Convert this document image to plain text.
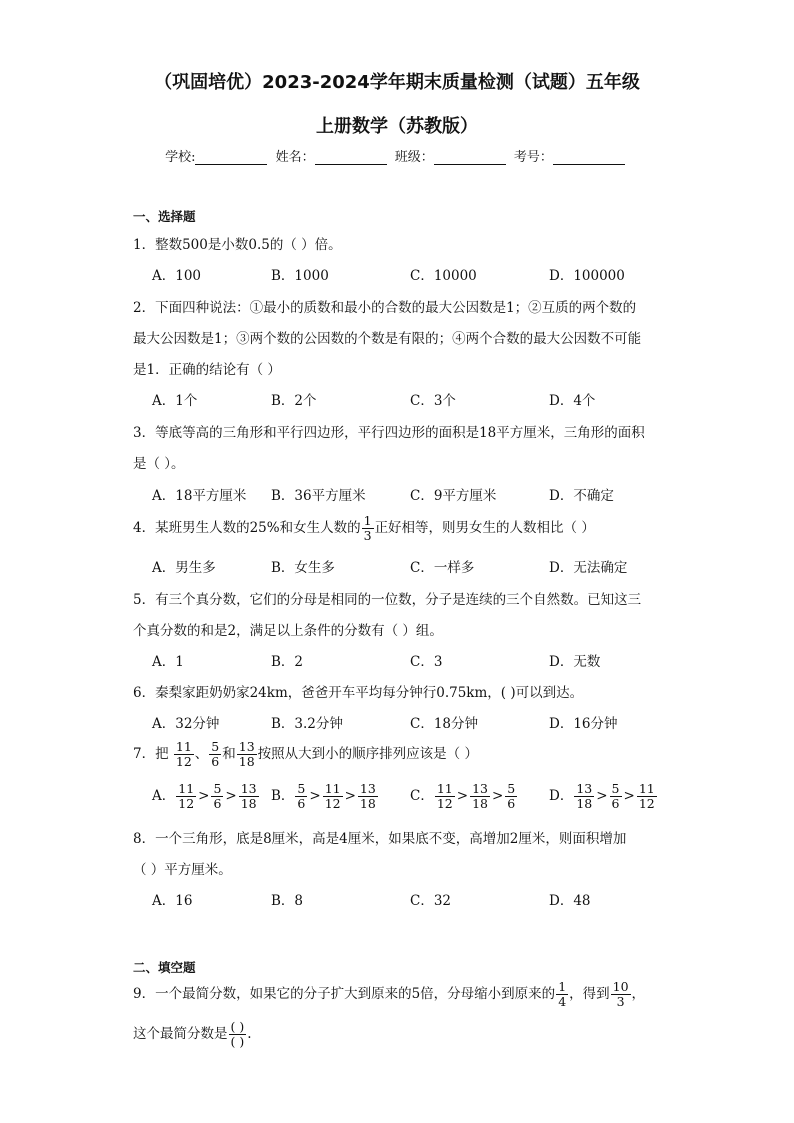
（巩固培优）2023-2024学年期末质量检测（试题）五年级
上册数学（苏教版）
学校:	姓名：	班级：	考号：
一、选择题
1．整数500是小数0.5的（ ）倍。
A．100	B．1000	C．10000	D．100000
2．下面四种说法：①最小的质数和最小的合数的最大公因数是1；②互质的两个数的
最大公因数是1；③两个数的公因数的个数是有限的；④两个合数的最大公因数不可能
是1．正确的结论有（ ）
A．1个	B．2个	C．3个	D．4个
3．等底等高的三角形和平行四边形，平行四边形的面积是18平方厘米，三角形的面积
是（ ）。
A．18平方厘米 B．36平方厘米	C．9平方厘米	D．不确定
4．某班男生人数的25%和女生人数的 $\frac{1}{3}$ 正好相等，则男女生的人数相比（ ）
A．男生多	B．女生多	C．一样多	D．无法确定
5．有三个真分数，它们的分母是相同的一位数，分子是连续的三个自然数。已知这三
个真分数的和是2，满足以上条件的分数有（ ）组。
A．1	B．2	C．3	D．无数
6．秦梨家距奶奶家24km，爸爸开车平均每分钟行0.75km，( )可以到达。
A．32分钟	B．3.2分钟	C．18分钟	D．16分钟
7．把 $\frac{11}{12}$ 、 $\frac{5}{6}$ 和 $\frac{13}{18}$ 按照从大到小的顺序排列应该是（ ）
A． $\frac{11}{12} > \frac{5}{6} > \frac{13}{18}$ B． $\frac{5}{6} > \frac{11}{12} > \frac{13}{18}$ C． $\frac{11}{12} > \frac{13}{18} > \frac{5}{6}$ D． $\frac{13}{18} > \frac{5}{6} > \frac{11}{12}$
8．一个三角形，底是8厘米，高是4厘米，如果底不变，高增加2厘米，则面积增加
（ ）平方厘米。
A．16	B．8	C．32	D．48
二、填空题
9．一个最简分数，如果它的分子扩大到原来的5倍，分母缩小到原来的 $\frac{1}{4}$ ，得到 $\frac{10}{3}$ ，
这个最简分数是 $\frac{( )}{( )}$ .
